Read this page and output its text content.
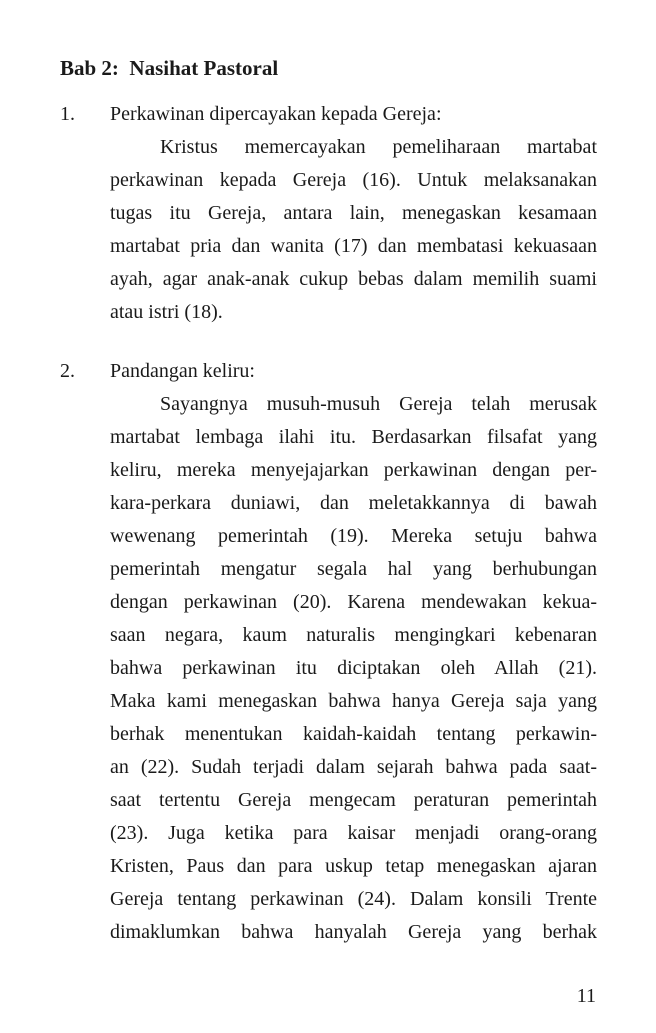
Bab 2:  Nasihat Pastoral
1. Perkawinan dipercayakan kepada Gereja:
Kristus memercayakan pemeliharaan martabat
perkawinan kepada Gereja (16). Untuk melaksanakan
tugas itu Gereja, antara lain, menegaskan kesamaan
martabat pria dan wanita (17) dan membatasi kekuasaan
ayah, agar anak-anak cukup bebas dalam memilih suami
atau istri (18).
2. Pandangan keliru:
Sayangnya musuh-musuh Gereja telah merusak
martabat lembaga ilahi itu. Berdasarkan filsafat yang
keliru, mereka menyejajarkan perkawinan dengan per-
kara-perkara duniawi, dan meletakkannya di bawah
wewenang pemerintah (19). Mereka setuju bahwa
pemerintah mengatur segala hal yang berhubungan
dengan perkawinan (20). Karena mendewakan kekua-
saan negara, kaum naturalis mengingkari kebenaran
bahwa perkawinan itu diciptakan oleh Allah (21).
Maka kami menegaskan bahwa hanya Gereja saja yang
berhak menentukan kaidah-kaidah tentang perkawin-
an (22). Sudah terjadi dalam sejarah bahwa pada saat-
saat tertentu Gereja mengecam peraturan pemerintah
(23). Juga ketika para kaisar menjadi orang-orang
Kristen, Paus dan para uskup tetap menegaskan ajaran
Gereja tentang perkawinan (24). Dalam konsili Trente
dimaklumkan bahwa hanyalah Gereja yang berhak
11
